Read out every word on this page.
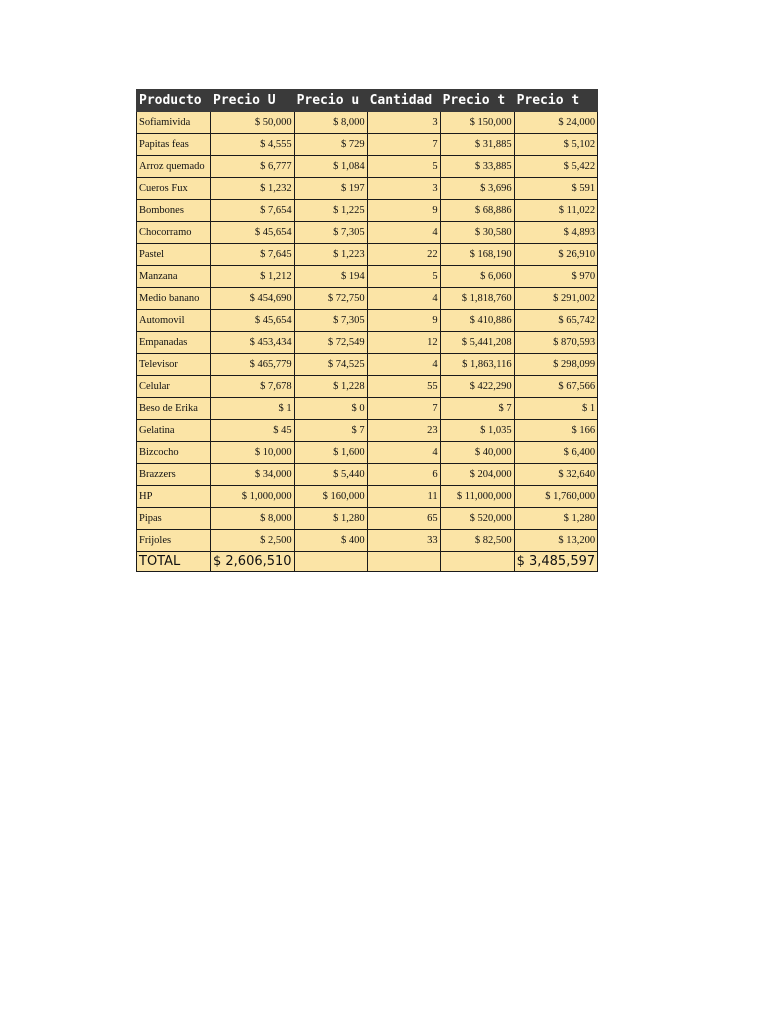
Producto	Precio U	Precio u	Cantidad	Precio t	Precio t
Sofiamivida	$ 50,000	$ 8,000	3	$ 150,000	$ 24,000
Papitas feas	$ 4,555	$ 729	7	$ 31,885	$ 5,102
Arroz quemado	$ 6,777	$ 1,084	5	$ 33,885	$ 5,422
Cueros Fux	$ 1,232	$ 197	3	$ 3,696	$ 591
Bombones	$ 7,654	$ 1,225	9	$ 68,886	$ 11,022
Chocorramo	$ 45,654	$ 7,305	4	$ 30,580	$ 4,893
Pastel	$ 7,645	$ 1,223	22	$ 168,190	$ 26,910
Manzana	$ 1,212	$ 194	5	$ 6,060	$ 970
Medio banano	$ 454,690	$ 72,750	4	$ 1,818,760	$ 291,002
Automovil	$ 45,654	$ 7,305	9	$ 410,886	$ 65,742
Empanadas	$ 453,434	$ 72,549	12	$ 5,441,208	$ 870,593
Televisor	$ 465,779	$ 74,525	4	$ 1,863,116	$ 298,099
Celular	$ 7,678	$ 1,228	55	$ 422,290	$ 67,566
Beso de Erika	$ 1	$ 0	7	$ 7	$ 1
Gelatina	$ 45	$ 7	23	$ 1,035	$ 166
Bizcocho	$ 10,000	$ 1,600	4	$ 40,000	$ 6,400
Brazzers	$ 34,000	$ 5,440	6	$ 204,000	$ 32,640
HP	$ 1,000,000	$ 160,000	11	$ 11,000,000	$ 1,760,000
Pipas	$ 8,000	$ 1,280	65	$ 520,000	$ 1,280
Frijoles	$ 2,500	$ 400	33	$ 82,500	$ 13,200
TOTAL	$ 2,606,510				$ 3,485,597
